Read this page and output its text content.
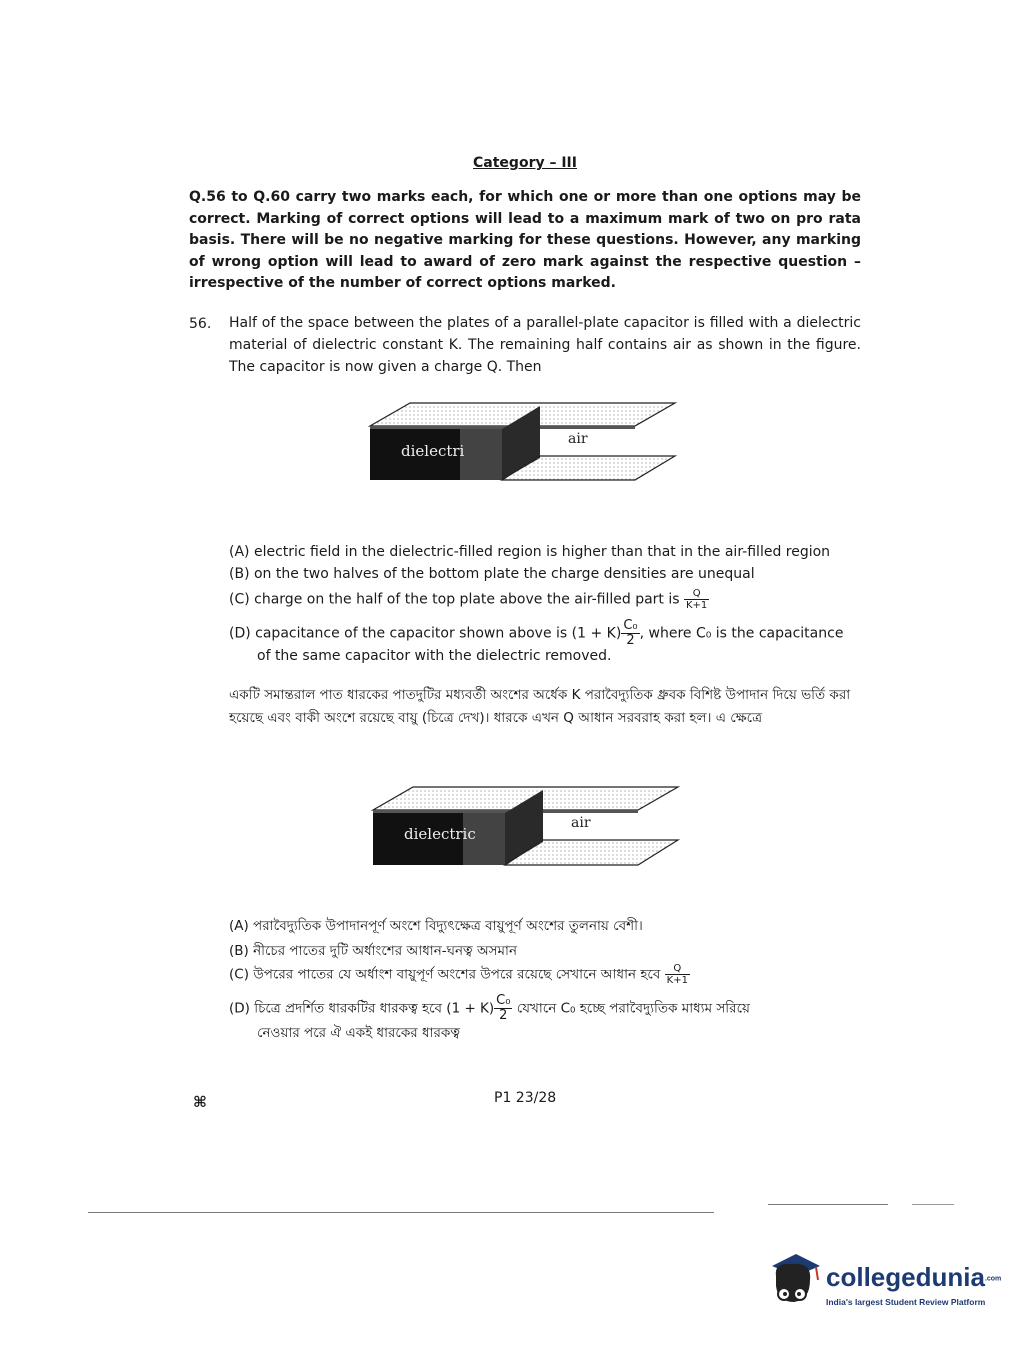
Category – III
Q.56 to Q.60 carry two marks each, for which one or more than one options may be correct. Marking of correct options will lead to a maximum mark of two on pro rata basis. There will be no negative marking for these questions. However, any marking of wrong option will lead to award of zero mark against the respective question – irrespective of the number of correct options marked.
56. Half of the space between the plates of a parallel-plate capacitor is filled with a dielectric material of dielectric constant K. The remaining half contains air as shown in the figure. The capacitor is now given a charge Q. Then
dielectri
air
(A) electric field in the dielectric-filled region is higher than that in the air-filled region
(B) on the two halves of the bottom plate the charge densities are unequal
(C) charge on the half of the top plate above the air-filled part is $\frac{Q}{K+1}$
(D) capacitance of the capacitor shown above is $(1 + K) \frac{\text{C₀}}{2}$ , where C₀ is the capacitance
of the same capacitor with the dielectric removed.
একটি সমান্তরাল পাত ধারকের পাতদুটির মধ্যবর্তী অংশের অর্ধেক K পরাবৈদ্যুতিক ধ্রুবক বিশিষ্ট উপাদান দিয়ে ভর্তি করা হয়েছে এবং বাকী অংশে রয়েছে বায়ু (চিত্রে দেখ)। ধারকে এখন Q আধান সরবরাহ করা হল। এ ক্ষেত্রে
dielectric
air
(A) পরাবৈদ্যুতিক উপাদানপূর্ণ অংশে বিদ্যুৎক্ষেত্র বায়ুপূর্ণ অংশের তুলনায় বেশী।
(B) নীচের পাতের দুটি অর্ধাংশের আধান-ঘনত্ব অসমান
(C) উপরের পাতের যে অর্ধাংশ বায়ুপূর্ণ অংশের উপরে রয়েছে সেখানে আধান হবে $\frac{Q}{K+1}$
(D) চিত্রে প্রদর্শিত ধারকটির ধারকত্ব হবে $(1 + K) \frac{\text{C₀}}{2}$ যেখানে C₀ হচ্ছে পরাবৈদ্যুতিক মাধ্যম সরিয়ে
নেওয়ার পরে ঐ একই ধারকের ধারকত্ব
⌘	P1 23/28
collegedunia.com
India's largest Student Review Platform
